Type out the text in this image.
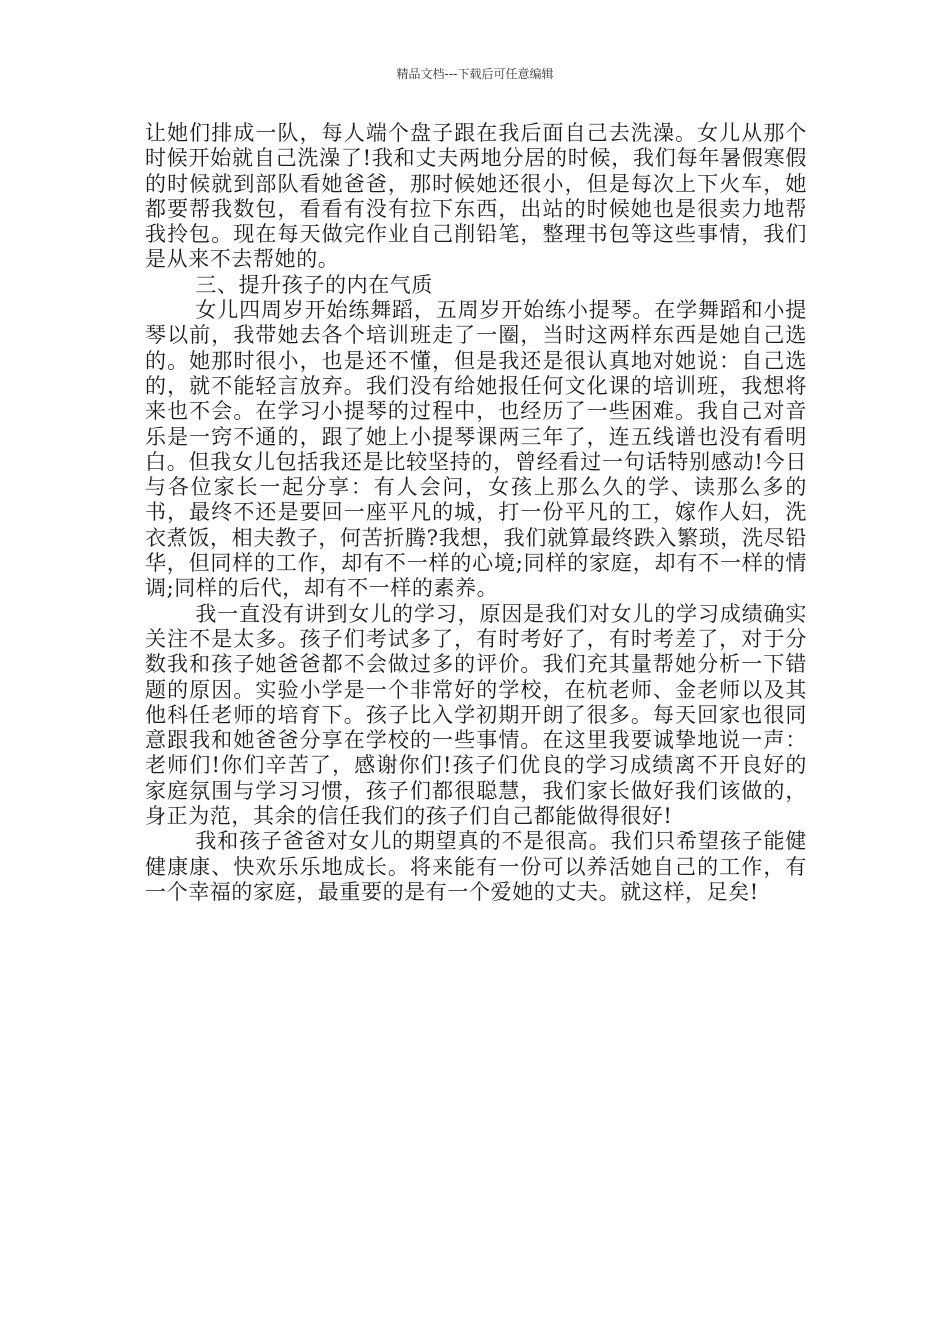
精品文档---下载后可任意编辑

让她们排成一队，每人端个盘子跟在我后面自己去洗澡。女儿从那个时候开始就自己洗澡了!我和丈夫两地分居的时候，我们每年暑假寒假的时候就到部队看她爸爸，那时候她还很小，但是每次上下火车，她都要帮我数包，看看有没有拉下东西，出站的时候她也是很卖力地帮我拎包。现在每天做完作业自己削铅笔，整理书包等这些事情，我们是从来不去帮她的。

三、提升孩子的内在气质

女儿四周岁开始练舞蹈，五周岁开始练小提琴。在学舞蹈和小提琴以前，我带她去各个培训班走了一圈，当时这两样东西是她自己选的。她那时很小，也是还不懂，但是我还是很认真地对她说：自己选的，就不能轻言放弃。我们没有给她报任何文化课的培训班，我想将来也不会。在学习小提琴的过程中，也经历了一些困难。我自己对音乐是一窍不通的，跟了她上小提琴课两三年了，连五线谱也没有看明白。但我女儿包括我还是比较坚持的，曾经看过一句话特别感动!今日与各位家长一起分享：有人会问，女孩上那么久的学、读那么多的书，最终不还是要回一座平凡的城，打一份平凡的工，嫁作人妇，洗衣煮饭，相夫教子，何苦折腾?我想，我们就算最终跌入繁琐，洗尽铅华，但同样的工作，却有不一样的心境;同样的家庭，却有不一样的情调;同样的后代，却有不一样的素养。

我一直没有讲到女儿的学习，原因是我们对女儿的学习成绩确实关注不是太多。孩子们考试多了，有时考好了，有时考差了，对于分数我和孩子她爸爸都不会做过多的评价。我们充其量帮她分析一下错题的原因。实验小学是一个非常好的学校，在杭老师、金老师以及其他科任老师的培育下。孩子比入学初期开朗了很多。每天回家也很同意跟我和她爸爸分享在学校的一些事情。在这里我要诚挚地说一声：老师们!你们辛苦了，感谢你们!孩子们优良的学习成绩离不开良好的家庭氛围与学习习惯，孩子们都很聪慧，我们家长做好我们该做的，身正为范，其余的信任我们的孩子们自己都能做得很好!

我和孩子爸爸对女儿的期望真的不是很高。我们只希望孩子能健健康康、快欢乐乐地成长。将来能有一份可以养活她自己的工作，有一个幸福的家庭，最重要的是有一个爱她的丈夫。就这样，足矣!
